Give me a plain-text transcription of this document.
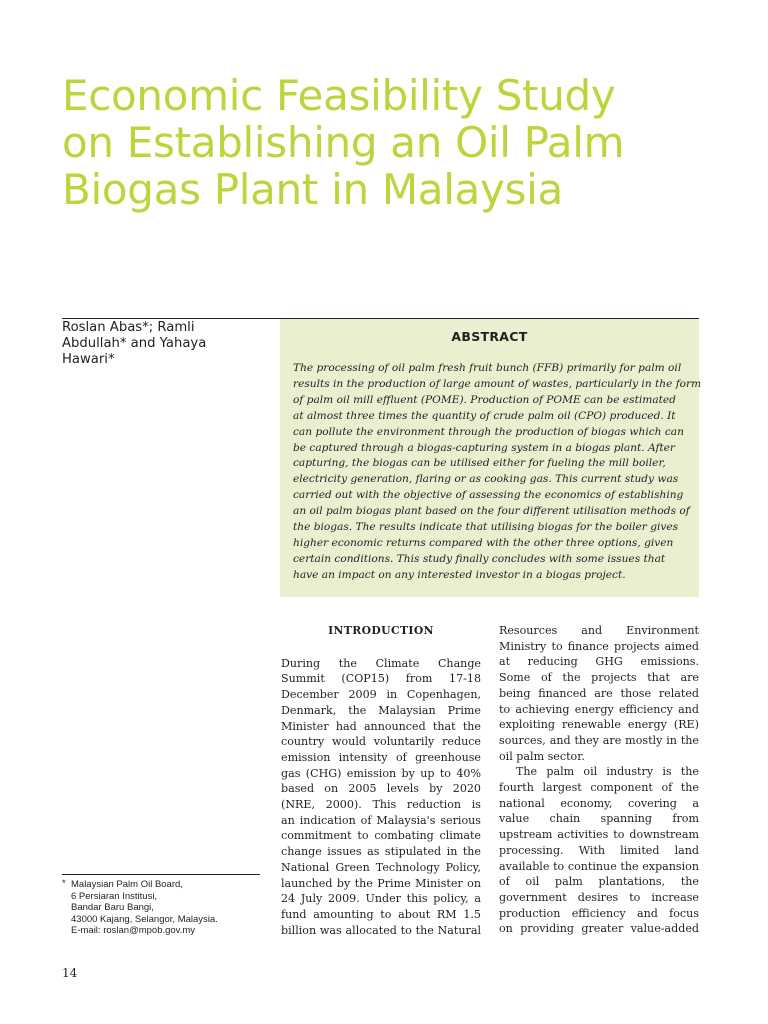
Economic Feasibility Study
on Establishing an Oil Palm
Biogas Plant in Malaysia
Roslan Abas*; Ramli
Abdullah* and Yahaya
Hawari*
ABSTRACT
The processing of oil palm fresh fruit bunch (FFB) primarily for palm oil
results in the production of large amount of wastes, particularly in the form
of palm oil mill effluent (POME). Production of POME can be estimated
at almost three times the quantity of crude palm oil (CPO) produced. It
can pollute the environment through the production of biogas which can
be captured through a biogas-capturing system in a biogas plant. After
capturing, the biogas can be utilised either for fueling the mill boiler,
electricity generation, flaring or as cooking gas. This current study was
carried out with the objective of assessing the economics of establishing
an oil palm biogas plant based on the four different utilisation methods of
the biogas. The results indicate that utilising biogas for the boiler gives
higher economic returns compared with the other three options, given
certain conditions. This study finally concludes with some issues that
have an impact on any interested investor in a biogas project.
INTRODUCTION
During the Climate Change
Summit (COP15) from 17-18
December 2009 in Copenhagen,
Denmark, the Malaysian Prime
Minister had announced that the
country would voluntarily reduce
emission intensity of greenhouse
gas (CHG) emission by up to 40%
based on 2005 levels by 2020
(NRE, 2000). This reduction is
an indication of Malaysia's serious
commitment to combating climate
change issues as stipulated in the
National Green Technology Policy,
launched by the Prime Minister on
24 July 2009. Under this policy, a
fund amounting to about RM 1.5
billion was allocated to the Natural
Resources and Environment
Ministry to finance projects aimed
at reducing GHG emissions.
Some of the projects that are
being financed are those related
to achieving energy efficiency and
exploiting renewable energy (RE)
sources, and they are mostly in the
oil palm sector.
The palm oil industry is the
fourth largest component of the
national economy, covering a
value chain spanning from
upstream activities to downstream
processing. With limited land
available to continue the expansion
of oil palm plantations, the
government desires to increase
production efficiency and focus
on providing greater value-added
* Malaysian Palm Oil Board,
6 Persiaran Institusi,
Bandar Baru Bangi,
43000 Kajang, Selangor, Malaysia.
E-mail: roslan@mpob.gov.my
14
